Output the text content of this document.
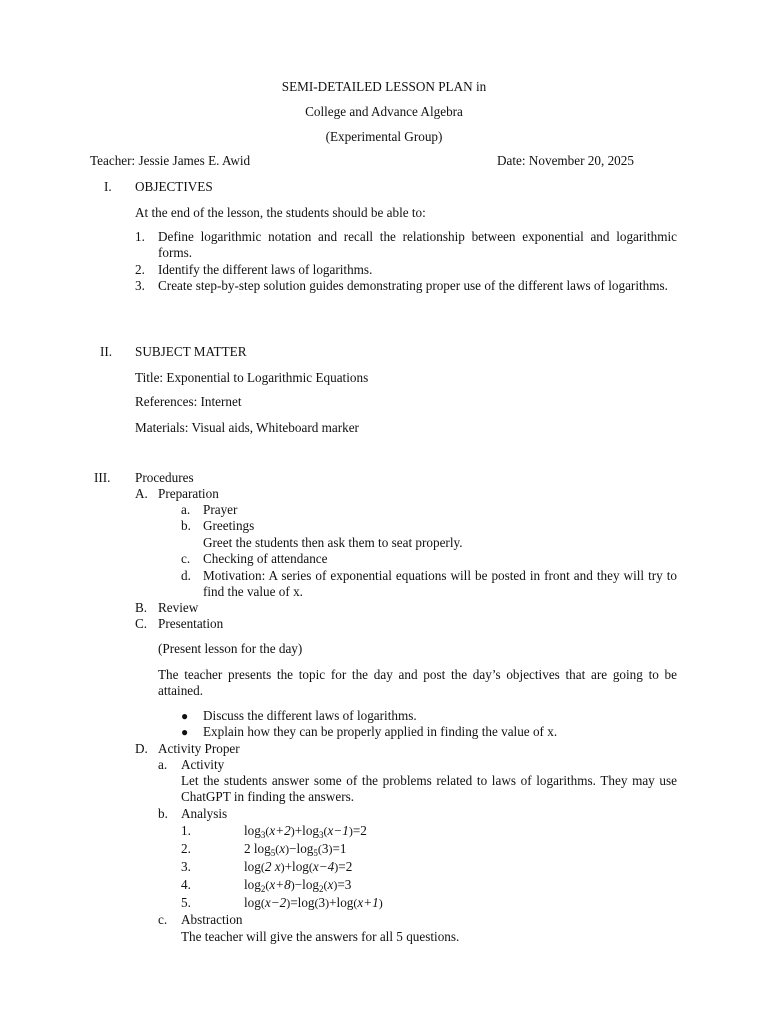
SEMI-DETAILED LESSON PLAN in
College and Advance Algebra
(Experimental Group)
Teacher: Jessie James E. Awid	Date: November 20, 2025
I. OBJECTIVES
At the end of the lesson, the students should be able to:
1. Define logarithmic notation and recall the relationship between exponential and logarithmic forms.
2. Identify the different laws of logarithms.
3. Create step-by-step solution guides demonstrating proper use of the different laws of logarithms.
II. SUBJECT MATTER
Title: Exponential to Logarithmic Equations
References: Internet
Materials: Visual aids, Whiteboard marker
III. Procedures
A. Preparation
a. Prayer
b. Greetings
Greet the students then ask them to seat properly.
c. Checking of attendance
d. Motivation: A series of exponential equations will be posted in front and they will try to find the value of x.
B. Review
C. Presentation
(Present lesson for the day)
The teacher presents the topic for the day and post the day’s objectives that are going to be attained.
● Discuss the different laws of logarithms.
● Explain how they can be properly applied in finding the value of x.
D. Activity Proper
a. Activity
Let the students answer some of the problems related to laws of logarithms. They may use ChatGPT in finding the answers.
b. Analysis
1.	$\log_3(x+2)+\log_3(x-1)=2$
2.	2 $\log_5(x)-\log_5(3)=1$
3.	log(2 x)+log(x−4)=2
4.	$\log_2(x+8)-\log_2(x)=3$
5.	log(x−2)=log(3)+log(x+1)
c. Abstraction
The teacher will give the answers for all 5 questions.
